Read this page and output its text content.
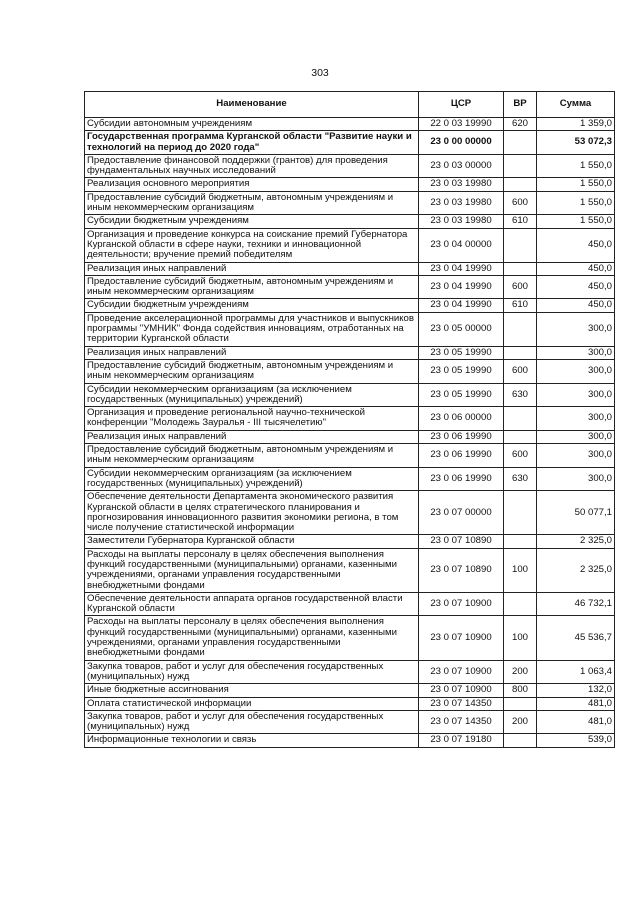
303
Наименование	ЦСР	ВР	Сумма
Субсидии автономным учреждениям	22 0 03 19990	620	1 359,0
Государственная программа Курганской области "Развитие науки и технологий на период до 2020 года"	23 0 00 00000		53 072,3
Предоставление финансовой поддержки (грантов) для проведения фундаментальных научных исследований	23 0 03 00000		1 550,0
Реализация основного мероприятия	23 0 03 19980		1 550,0
Предоставление субсидий бюджетным, автономным учреждениям и иным некоммерческим организациям	23 0 03 19980	600	1 550,0
Субсидии бюджетным учреждениям	23 0 03 19980	610	1 550,0
Организация и проведение конкурса на соискание премий Губернатора Курганской области в сфере науки, техники и инновационной деятельности; вручение премий победителям	23 0 04 00000		450,0
Реализация иных направлений	23 0 04 19990		450,0
Предоставление субсидий бюджетным, автономным учреждениям и иным некоммерческим организациям	23 0 04 19990	600	450,0
Субсидии бюджетным учреждениям	23 0 04 19990	610	450,0
Проведение акселерационной программы для участников и выпускников программы "УМНИК" Фонда содействия инновациям, отработанных на территории Курганской области	23 0 05 00000		300,0
Реализация иных направлений	23 0 05 19990		300,0
Предоставление субсидий бюджетным, автономным учреждениям и иным некоммерческим организациям	23 0 05 19990	600	300,0
Субсидии некоммерческим организациям (за исключением государственных (муниципальных) учреждений)	23 0 05 19990	630	300,0
Организация и проведение региональной научно-технической конференции "Молодежь Зауралья - III тысячелетию"	23 0 06 00000		300,0
Реализация иных направлений	23 0 06 19990		300,0
Предоставление субсидий бюджетным, автономным учреждениям и иным некоммерческим организациям	23 0 06 19990	600	300,0
Субсидии некоммерческим организациям (за исключением государственных (муниципальных) учреждений)	23 0 06 19990	630	300,0
Обеспечение деятельности Департамента экономического развития Курганской области в целях стратегического планирования и прогнозирования инновационного развития экономики региона, в том числе получение статистической информации	23 0 07 00000		50 077,1
Заместители Губернатора Курганской области	23 0 07 10890		2 325,0
Расходы на выплаты персоналу в целях обеспечения выполнения функций государственными (муниципальными) органами, казенными учреждениями, органами управления государственными внебюджетными фондами	23 0 07 10890	100	2 325,0
Обеспечение деятельности аппарата органов государственной власти Курганской области	23 0 07 10900		46 732,1
Расходы на выплаты персоналу в целях обеспечения выполнения функций государственными (муниципальными) органами, казенными учреждениями, органами управления государственными внебюджетными фондами	23 0 07 10900	100	45 536,7
Закупка товаров, работ и услуг для обеспечения государственных (муниципальных) нужд	23 0 07 10900	200	1 063,4
Иные бюджетные ассигнования	23 0 07 10900	800	132,0
Оплата статистической информации	23 0 07 14350		481,0
Закупка товаров, работ и услуг для обеспечения государственных (муниципальных) нужд	23 0 07 14350	200	481,0
Информационные технологии и связь	23 0 07 19180		539,0
